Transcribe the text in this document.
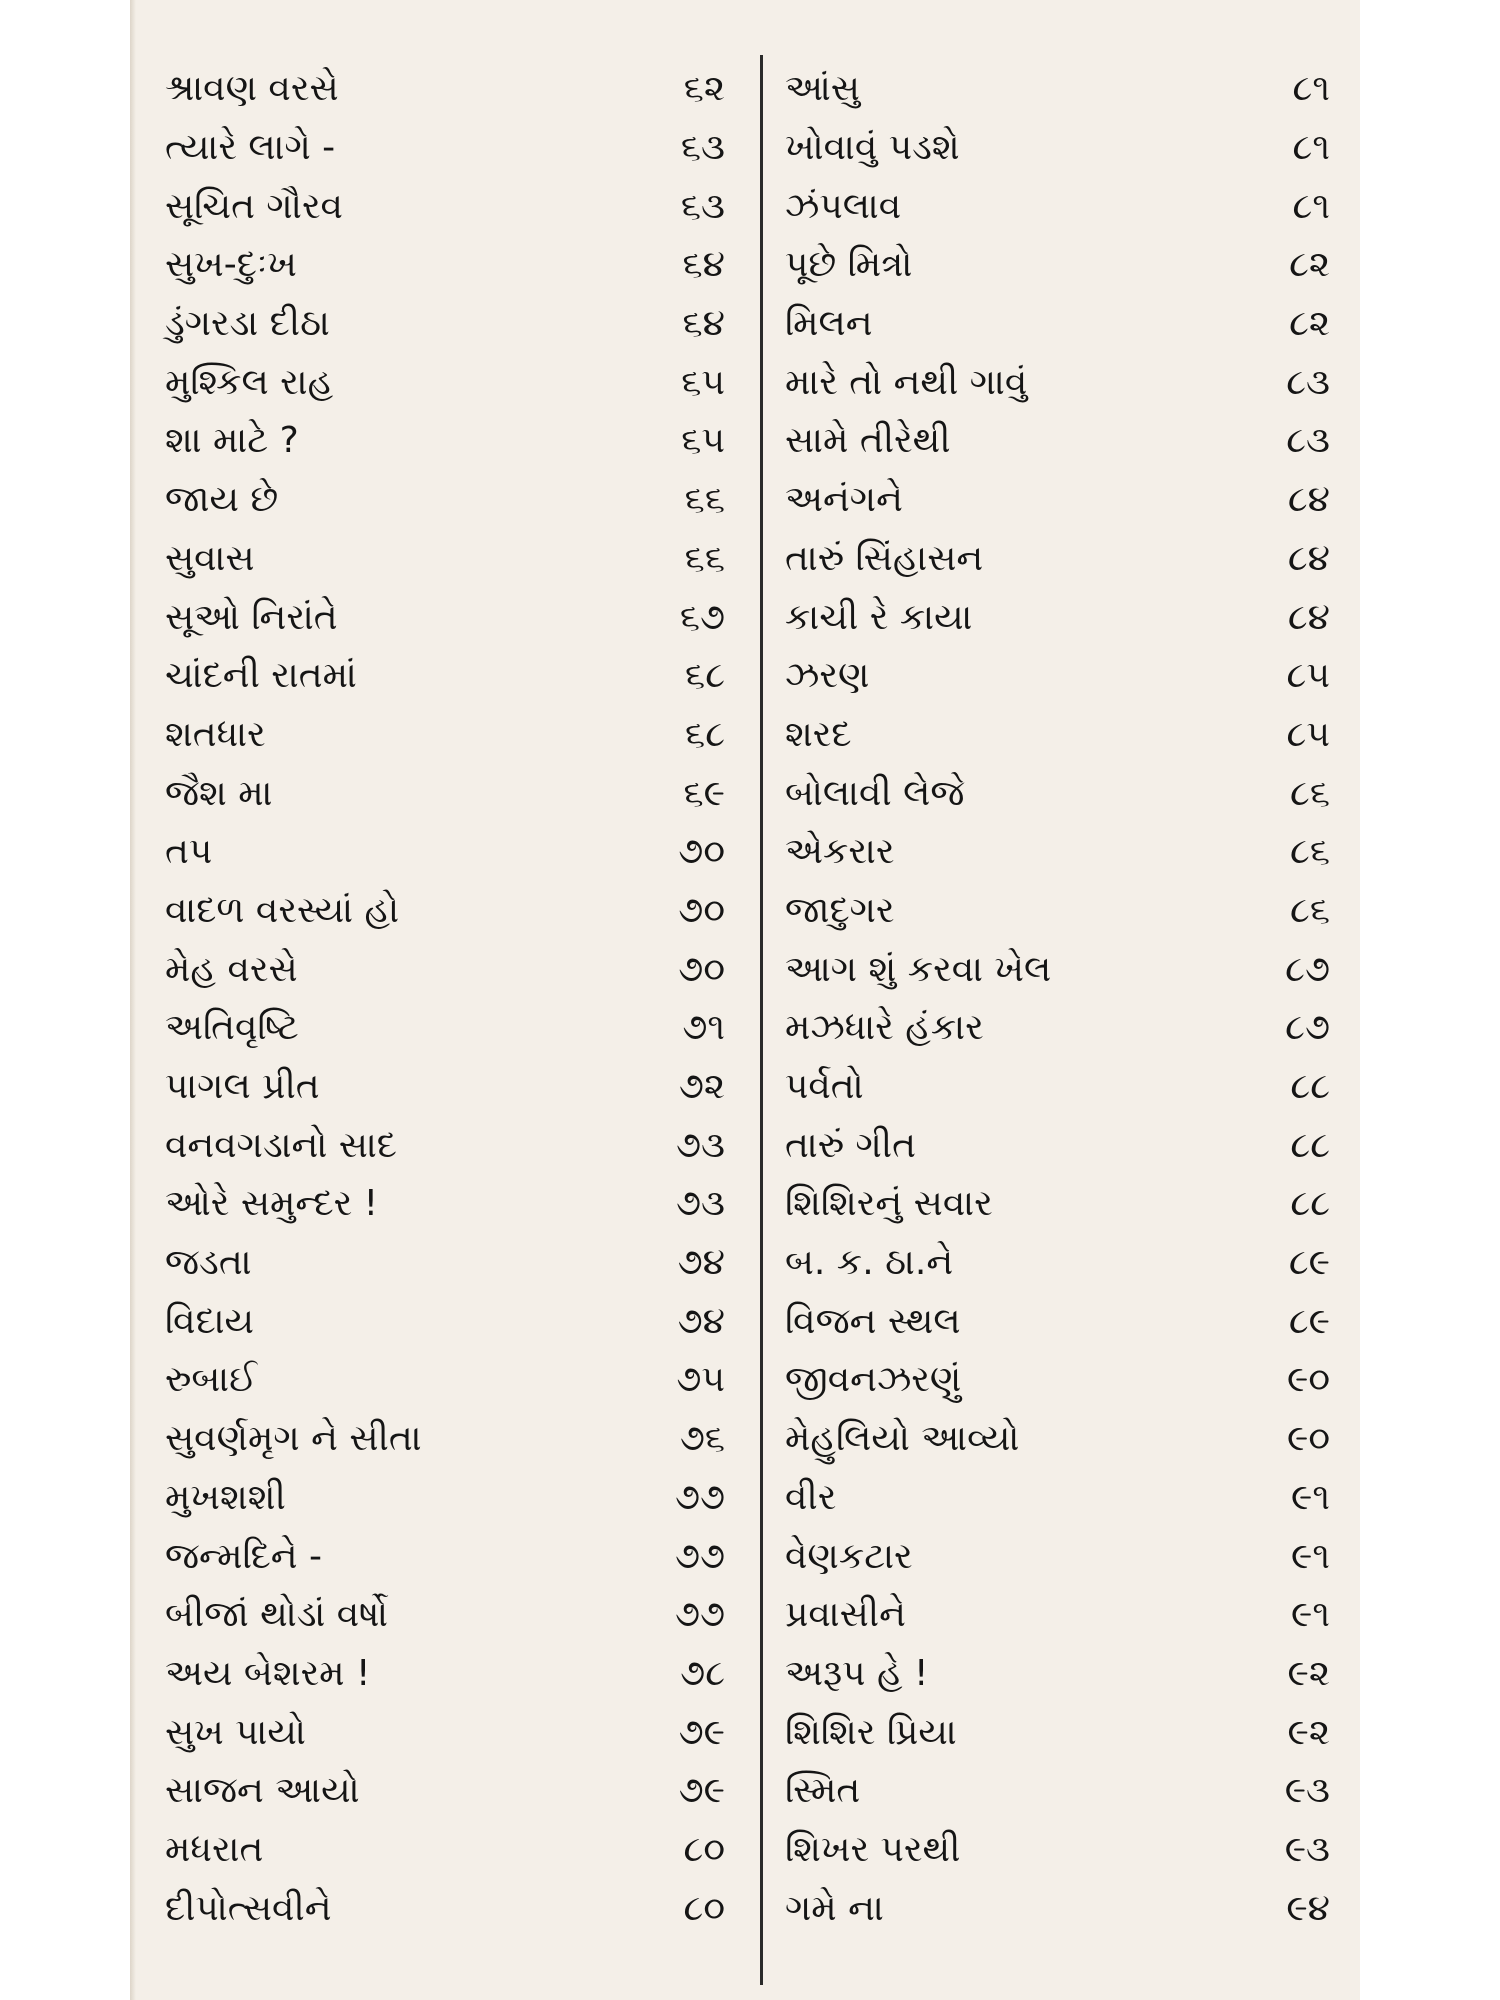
શ્રાવણ વરસે	૬૨
ત્યારે લાગે -	૬૩
સૂચિત ગૌરવ	૬૩
સુખ-દુઃખ	૬૪
ડુંગરડા દીઠા	૬૪
મુશ્કિલ રાહ	૬૫
શા માટે ?	૬૫
જાય છે	૬૬
સુવાસ	૬૬
સૂઓ નિરાંતે	૬૭
ચાંદની રાતમાં	૬૮
શતધાર	૬૮
જૈશ મા	૬૯
તપ	૭૦
વાદળ વરસ્યાં હો	૭૦
મેહ વરસે	૭૦
અતિવૃષ્ટિ	૭૧
પાગલ પ્રીત	૭૨
વનવગડાનો સાદ	૭૩
ઓરે સમુન્દર !	૭૩
જડતા	૭૪
વિદાય	૭૪
રુબાઈ	૭૫
સુવર્ણમૃગ ને સીતા	૭૬
મુખશશી	૭૭
જન્મદિને -	૭૭
બીજાં થોડાં વર્ષો	૭૭
અય બેશરમ !	૭૮
સુખ પાયો	૭૯
સાજન આયો	૭૯
મધરાત	૮૦
દીપોત્સવીને	૮૦
આંસુ	૮૧
ખોવાવું પડશે	૮૧
ઝંપલાવ	૮૧
પૂછે મિત્રો	૮૨
મિલન	૮૨
મારે તો નથી ગાવું	૮૩
સામે તીરેથી	૮૩
અનંગને	૮૪
તારું સિંહાસન	૮૪
કાચી રે કાયા	૮૪
ઝરણ	૮૫
શરદ	૮૫
બોલાવી લેજે	૮૬
એકરાર	૮૬
જાદુગર	૮૬
આગ શું કરવા ખેલ	૮૭
મઝધારે હંકાર	૮૭
પર્વતો	૮૮
તારું ગીત	૮૮
શિશિરનું સવાર	૮૮
બ. ક. ઠા.ને	૮૯
વિજન સ્થલ	૮૯
જીવનઝરણું	૯૦
મેહુલિયો આવ્યો	૯૦
વીર	૯૧
વેણકટાર	૯૧
પ્રવાસીને	૯૧
અરૂપ હે !	૯૨
શિશિર પ્રિયા	૯૨
સ્મિત	૯૩
શિખર પરથી	૯૩
ગમે ના	૯૪
